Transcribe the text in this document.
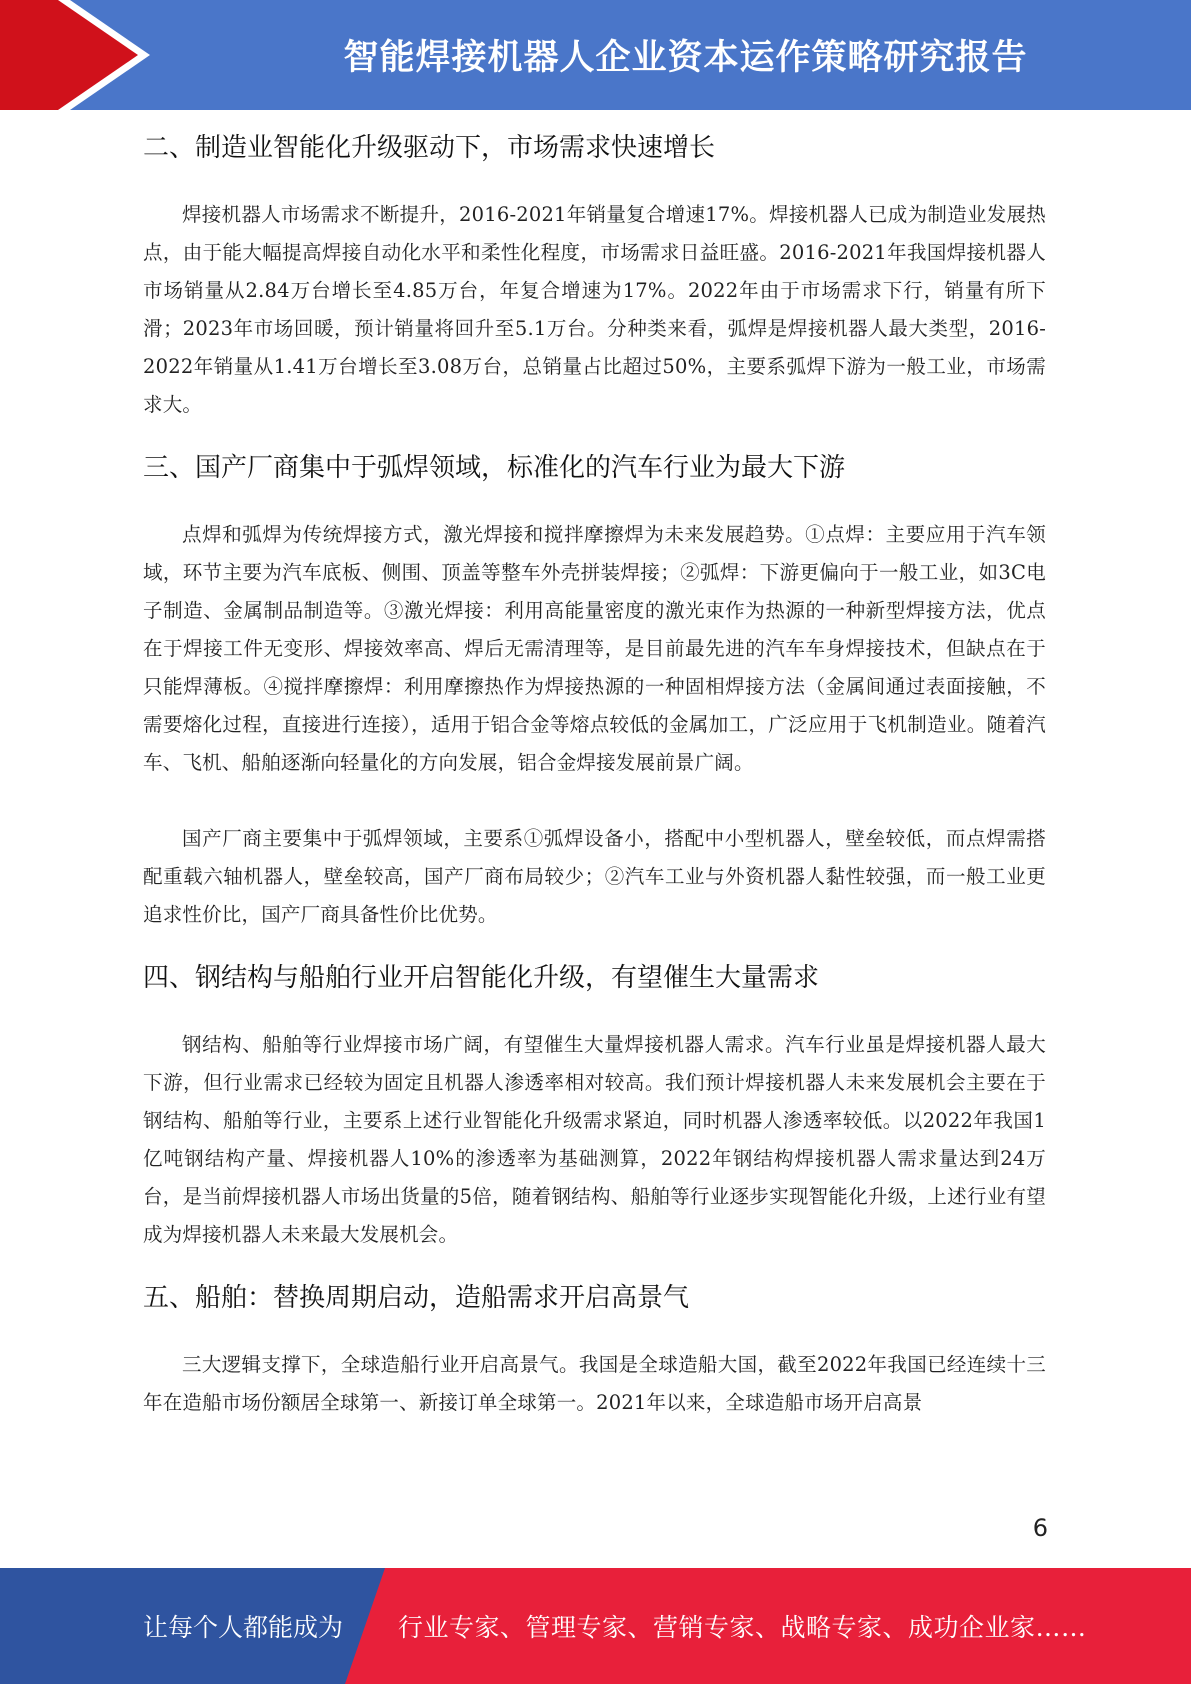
智能焊接机器人企业资本运作策略研究报告
二、制造业智能化升级驱动下，市场需求快速增长

焊接机器人市场需求不断提升，2016-2021年销量复合增速17%。焊接机器人已成为制造业发展热点，由于能大幅提高焊接自动化水平和柔性化程度，市场需求日益旺盛。2016-2021年我国焊接机器人市场销量从2.84万台增长至4.85万台，年复合增速为17%。2022年由于市场需求下行，销量有所下滑；2023年市场回暖，预计销量将回升至5.1万台。分种类来看，弧焊是焊接机器人最大类型，2016-2022年销量从1.41万台增长至3.08万台，总销量占比超过50%，主要系弧焊下游为一般工业，市场需求大。

三、国产厂商集中于弧焊领域，标准化的汽车行业为最大下游

点焊和弧焊为传统焊接方式，激光焊接和搅拌摩擦焊为未来发展趋势。①点焊：主要应用于汽车领域，环节主要为汽车底板、侧围、顶盖等整车外壳拼装焊接；②弧焊：下游更偏向于一般工业，如3C电子制造、金属制品制造等。③激光焊接：利用高能量密度的激光束作为热源的一种新型焊接方法，优点在于焊接工件无变形、焊接效率高、焊后无需清理等，是目前最先进的汽车车身焊接技术，但缺点在于只能焊薄板。④搅拌摩擦焊：利用摩擦热作为焊接热源的一种固相焊接方法（金属间通过表面接触，不需要熔化过程，直接进行连接），适用于铝合金等熔点较低的金属加工，广泛应用于飞机制造业。随着汽车、飞机、船舶逐渐向轻量化的方向发展，铝合金焊接发展前景广阔。

国产厂商主要集中于弧焊领域，主要系①弧焊设备小，搭配中小型机器人，壁垒较低，而点焊需搭配重载六轴机器人，壁垒较高，国产厂商布局较少；②汽车工业与外资机器人黏性较强，而一般工业更追求性价比，国产厂商具备性价比优势。

四、钢结构与船舶行业开启智能化升级，有望催生大量需求

钢结构、船舶等行业焊接市场广阔，有望催生大量焊接机器人需求。汽车行业虽是焊接机器人最大下游，但行业需求已经较为固定且机器人渗透率相对较高。我们预计焊接机器人未来发展机会主要在于钢结构、船舶等行业，主要系上述行业智能化升级需求紧迫，同时机器人渗透率较低。以2022年我国1亿吨钢结构产量、焊接机器人10%的渗透率为基础测算，2022年钢结构焊接机器人需求量达到24万台，是当前焊接机器人市场出货量的5倍，随着钢结构、船舶等行业逐步实现智能化升级，上述行业有望成为焊接机器人未来最大发展机会。

五、船舶：替换周期启动，造船需求开启高景气

三大逻辑支撑下，全球造船行业开启高景气。我国是全球造船大国，截至2022年我国已经连续十三年在造船市场份额居全球第一、新接订单全球第一。2021年以来，全球造船市场开启高景

6
让每个人都能成为 行业专家、管理专家、营销专家、战略专家、成功企业家……
